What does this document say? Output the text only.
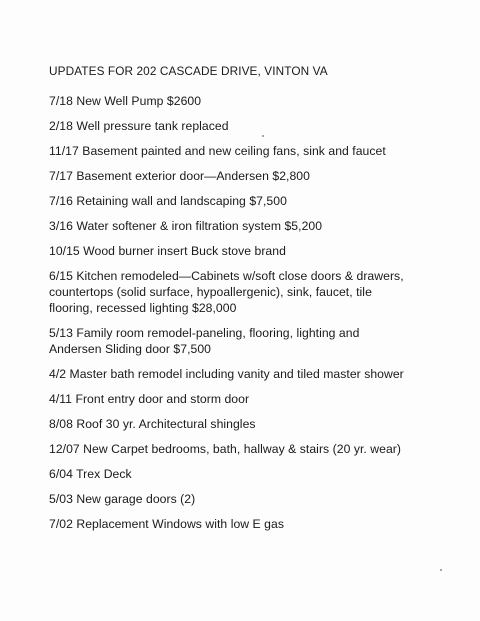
UPDATES FOR 202 CASCADE DRIVE, VINTON VA

7/18 New Well Pump $2600

2/18 Well pressure tank replaced

11/17 Basement painted and new ceiling fans, sink and faucet

7/17 Basement exterior door—Andersen $2,800

7/16 Retaining wall and landscaping $7,500

3/16 Water softener & iron filtration system $5,200

10/15 Wood burner insert Buck stove brand

6/15 Kitchen remodeled—Cabinets w/soft close doors & drawers, countertops (solid surface, hypoallergenic), sink, faucet, tile flooring, recessed lighting $28,000

5/13 Family room remodel-paneling, flooring, lighting and Andersen Sliding door $7,500

4/2 Master bath remodel including vanity and tiled master shower

4/11 Front entry door and storm door

8/08 Roof 30 yr. Architectural shingles

12/07 New Carpet bedrooms, bath, hallway & stairs (20 yr. wear)

6/04 Trex Deck

5/03 New garage doors (2)

7/02 Replacement Windows with low E gas
